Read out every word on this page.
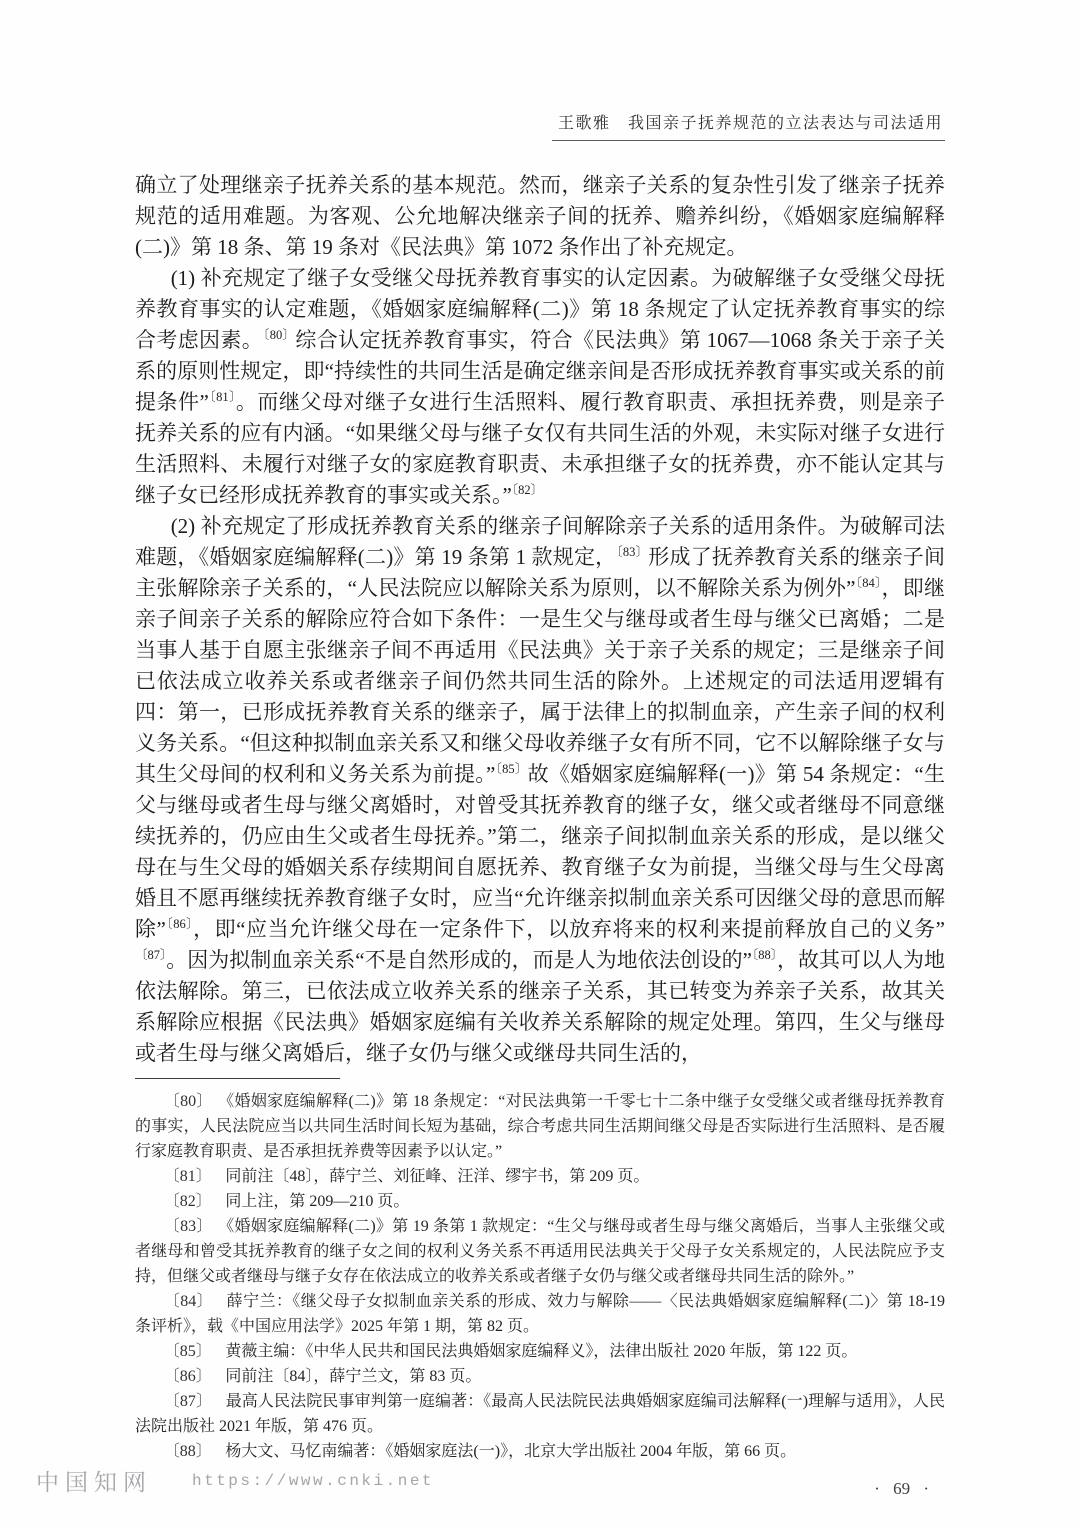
王歌雅　我国亲子抚养规范的立法表达与司法适用

确立了处理继亲子抚养关系的基本规范。然而，继亲子关系的复杂性引发了继亲子抚养规范的适用难题。为客观、公允地解决继亲子间的抚养、赡养纠纷，《婚姻家庭编解释(二)》第 18 条、第 19 条对《民法典》第 1072 条作出了补充规定。

(1) 补充规定了继子女受继父母抚养教育事实的认定因素。为破解继子女受继父母抚养教育事实的认定难题，《婚姻家庭编解释(二)》第 18 条规定了认定抚养教育事实的综合考虑因素。$^{〔80〕}$综合认定抚养教育事实，符合《民法典》第 1067—1068 条关于亲子关系的原则性规定，即“持续性的共同生活是确定继亲间是否形成抚养教育事实或关系的前提条件”$^{〔81〕}$。而继父母对继子女进行生活照料、履行教育职责、承担抚养费，则是亲子抚养关系的应有内涵。“如果继父母与继子女仅有共同生活的外观，未实际对继子女进行生活照料、未履行对继子女的家庭教育职责、未承担继子女的抚养费，亦不能认定其与继子女已经形成抚养教育的事实或关系。”$^{〔82〕}$

(2) 补充规定了形成抚养教育关系的继亲子间解除亲子关系的适用条件。为破解司法难题，《婚姻家庭编解释(二)》第 19 条第 1 款规定，$^{〔83〕}$形成了抚养教育关系的继亲子间主张解除亲子关系的，“人民法院应以解除关系为原则，以不解除关系为例外”$^{〔84〕}$，即继亲子间亲子关系的解除应符合如下条件：一是生父与继母或者生母与继父已离婚；二是当事人基于自愿主张继亲子间不再适用《民法典》关于亲子关系的规定；三是继亲子间已依法成立收养关系或者继亲子间仍然共同生活的除外。上述规定的司法适用逻辑有四：第一，已形成抚养教育关系的继亲子，属于法律上的拟制血亲，产生亲子间的权利义务关系。“但这种拟制血亲关系又和继父母收养继子女有所不同，它不以解除继子女与其生父母间的权利和义务关系为前提。”$^{〔85〕}$故《婚姻家庭编解释(一)》第 54 条规定：“生父与继母或者生母与继父离婚时，对曾受其抚养教育的继子女，继父或者继母不同意继续抚养的，仍应由生父或者生母抚养。”第二，继亲子间拟制血亲关系的形成，是以继父母在与生父母的婚姻关系存续期间自愿抚养、教育继子女为前提，当继父母与生父母离婚且不愿再继续抚养教育继子女时，应当“允许继亲拟制血亲关系可因继父母的意思而解除”$^{〔86〕}$，即“应当允许继父母在一定条件下，以放弃将来的权利来提前释放自己的义务”$^{〔87〕}$。因为拟制血亲关系“不是自然形成的，而是人为地依法创设的”$^{〔88〕}$，故其可以人为地依法解除。第三，已依法成立收养关系的继亲子关系，其已转变为养亲子关系，故其关系解除应根据《民法典》婚姻家庭编有关收养关系解除的规定处理。第四，生父与继母或者生母与继父离婚后，继子女仍与继父或继母共同生活的，

〔80〕 《婚姻家庭编解释(二)》第 18 条规定：“对民法典第一千零七十二条中继子女受继父或者继母抚养教育的事实，人民法院应当以共同生活时间长短为基础，综合考虑共同生活期间继父母是否实际进行生活照料、是否履行家庭教育职责、是否承担抚养费等因素予以认定。”

〔81〕 同前注〔48〕，薛宁兰、刘征峰、汪洋、缪宇书，第 209 页。

〔82〕 同上注，第 209—210 页。

〔83〕 《婚姻家庭编解释(二)》第 19 条第 1 款规定：“生父与继母或者生母与继父离婚后，当事人主张继父或者继母和曾受其抚养教育的继子女之间的权利义务关系不再适用民法典关于父母子女关系规定的，人民法院应予支持，但继父或者继母与继子女存在依法成立的收养关系或者继子女仍与继父或者继母共同生活的除外。”

〔84〕 薛宁兰：《继父母子女拟制血亲关系的形成、效力与解除——〈民法典婚姻家庭编解释(二)〉第 18-19 条评析》，载《中国应用法学》2025 年第 1 期，第 82 页。

〔85〕 黄薇主编：《中华人民共和国民法典婚姻家庭编释义》，法律出版社 2020 年版，第 122 页。

〔86〕 同前注〔84〕，薛宁兰文，第 83 页。

〔87〕 最高人民法院民事审判第一庭编著：《最高人民法院民法典婚姻家庭编司法解释(一)理解与适用》，人民法院出版社 2021 年版，第 476 页。

〔88〕 杨大文、马忆南编著：《婚姻家庭法(一)》，北京大学出版社 2004 年版，第 66 页。

· 69 ·
中国知网	https://www.cnki.net
